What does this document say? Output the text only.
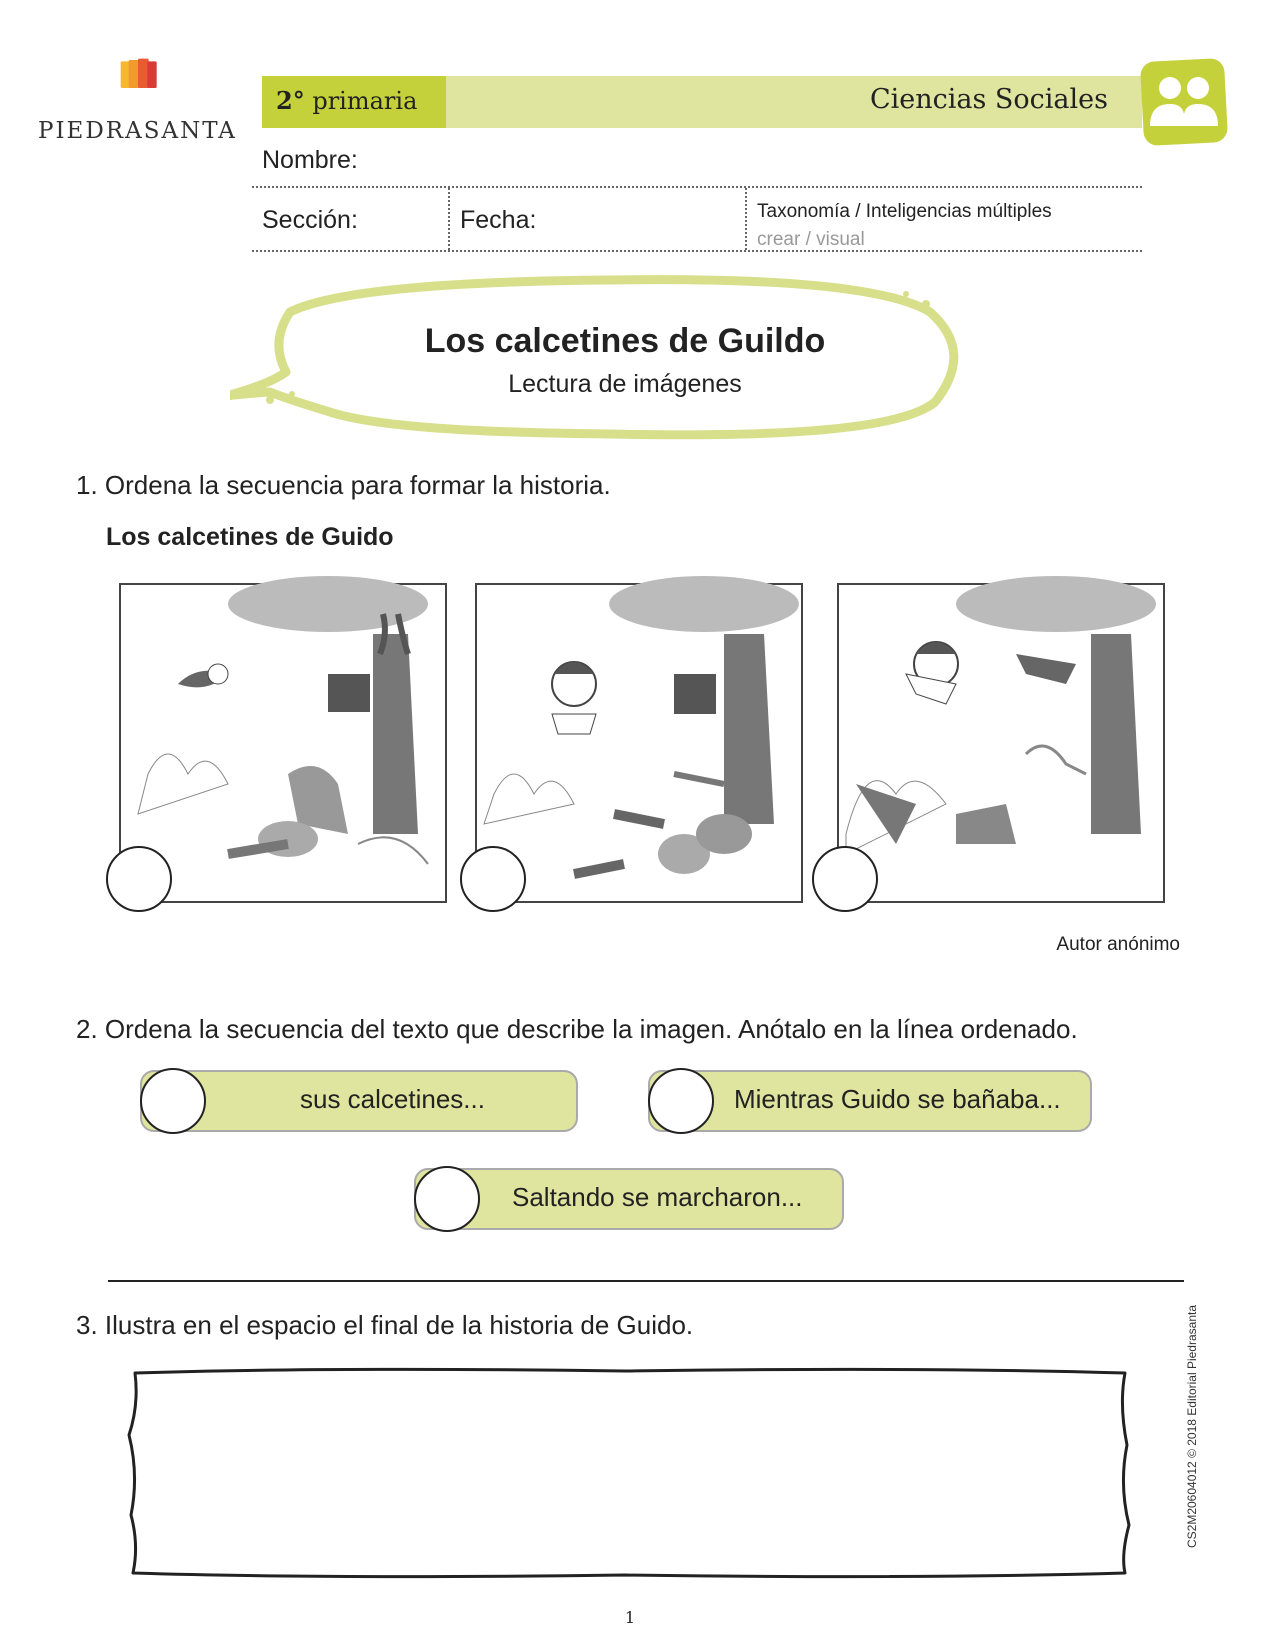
PIEDRASANTA
2° primaria	Ciencias Sociales
Nombre:
Sección:	Fecha:	Taxonomía / Inteligencias múltiples
crear / visual
Los calcetines de Guildo
Lectura de imágenes
1. Ordena la secuencia para formar la historia.
Los calcetines de Guido
Autor anónimo
2. Ordena la secuencia del texto que describe la imagen. Anótalo en la línea ordenado.
sus calcetines...	Mientras Guido se bañaba...
Saltando se marcharon...
3. Ilustra en el espacio el final de la historia de Guido.	CS2M20604012 © 2018 Editorial Piedrasanta
1
